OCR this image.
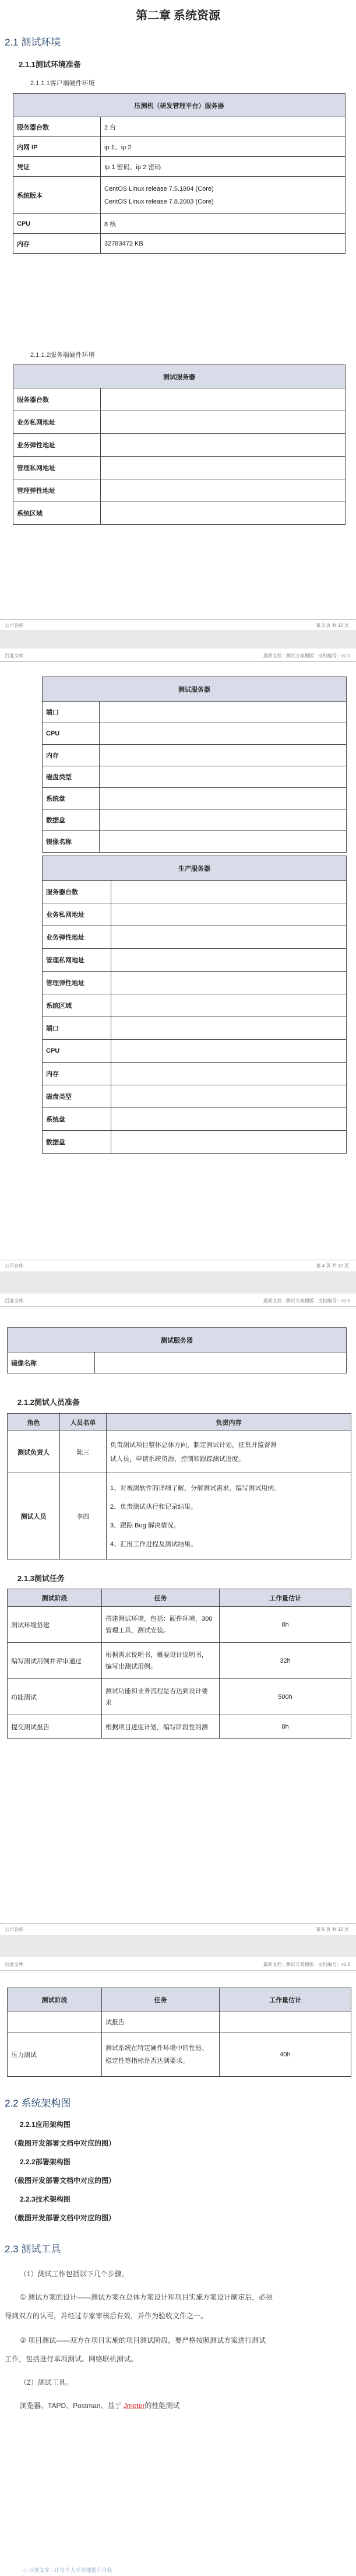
第二章 系统资源
2.1 测试环境
2.1.1测试环境准备
2.1.1.1客户端硬件环境
压测机（研发管理平台）服务器	
服务器台数	2 台
内网 IP	ip 1、ip 2
凭证	Ip 1 密码、ip 2 密码
系统版本	CentOS Linux release 7.5.1804 (Core)
CentOS Linux release 7.8.2003 (Core)

CPU	8 核
内存	32783472 KB
2.1.1.2服务端硬件环境
测试服务器	
服务器台数	
业务私网地址	
业务弹性地址	
管理私网地址	
管理弹性地址	
系统区域	
公司名称	第 3 页 共 12 页
百度文库	最新文档 · 测试方案模版 · 文档编号：v1.0
测试服务器	
端口	
CPU	
内存	
磁盘类型	
系统盘	
数据盘	
镜像名称	
生产服务器	
服务器台数	
业务私网地址	
业务弹性地址	
管理私网地址	
管理弹性地址	
系统区域	
端口	
CPU	
内存	
磁盘类型	
系统盘	
数据盘	
公司名称	第 4 页 共 12 页
百度文库	最新文档 · 测试方案模版 · 文档编号：v1.0
测试服务器
镜像名称	
2.1.2测试人员准备
角色	人员名单	负责内容
测试负责人	陈三	负责测试项目整体总体方向，制定测试计划，征集并监督测
试人员，申请系统资源，控制和跟踪测试进度。

测试人员	李四	1、对被测软件的详细了解，分解测试需求，编写测试用例。
2、负责测试执行和记录结果。
3、跟踪 Bug 解决情况。
4、汇报工作进程及测试结果。
2.1.3测试任务
测试阶段	任务	工作量估计
测试环境搭建	搭建测试环境，包括：硬件环境，300
管理工具，测试安装。	8h
编写测试用例并评审通过	根据需求说明书，概要设计说明书，
编写出测试用例。	32h
功能测试	测试功能和业务流程是否达到设计要
求	500h
提交测试报告	根据项目进度计划，编写阶段性的测	8h
公司名称	第 5 页 共 12 页
百度文库	最新文档 · 测试方案模版 · 文档编号：v1.0
测试阶段	任务	工作量估计

	试报告	

压力测试	测试系统在特定硬件环境中的性能、
稳定性等指标是否达到要求。	40h
2.2 系统架构图
2.2.1应用架构图
（截图开发部署文档中对应的图）
2.2.2部署架构图
（截图开发部署文档中对应的图）
2.2.3技术架构图
（截图开发部署文档中对应的图）
2.3 测试工具
（1）测试工作包括以下几个步骤。
① 测试方案的设计——测试方案在总体方案设计和项目实施方案设计制定后，必须
得到双方的认可，并经过专家审核后有效，并作为验收文件之一。
② 项目测试——双方在项目实施的项目测试阶段，要严格按照测试方案进行测试
工作，包括进行单项测试、网络联机测试。
（2）测试工具。
浏览器、TAPD、Postman、基于 Jmeter的性能测试
◇ 百度文库 - 让每个人平等地提升自我
